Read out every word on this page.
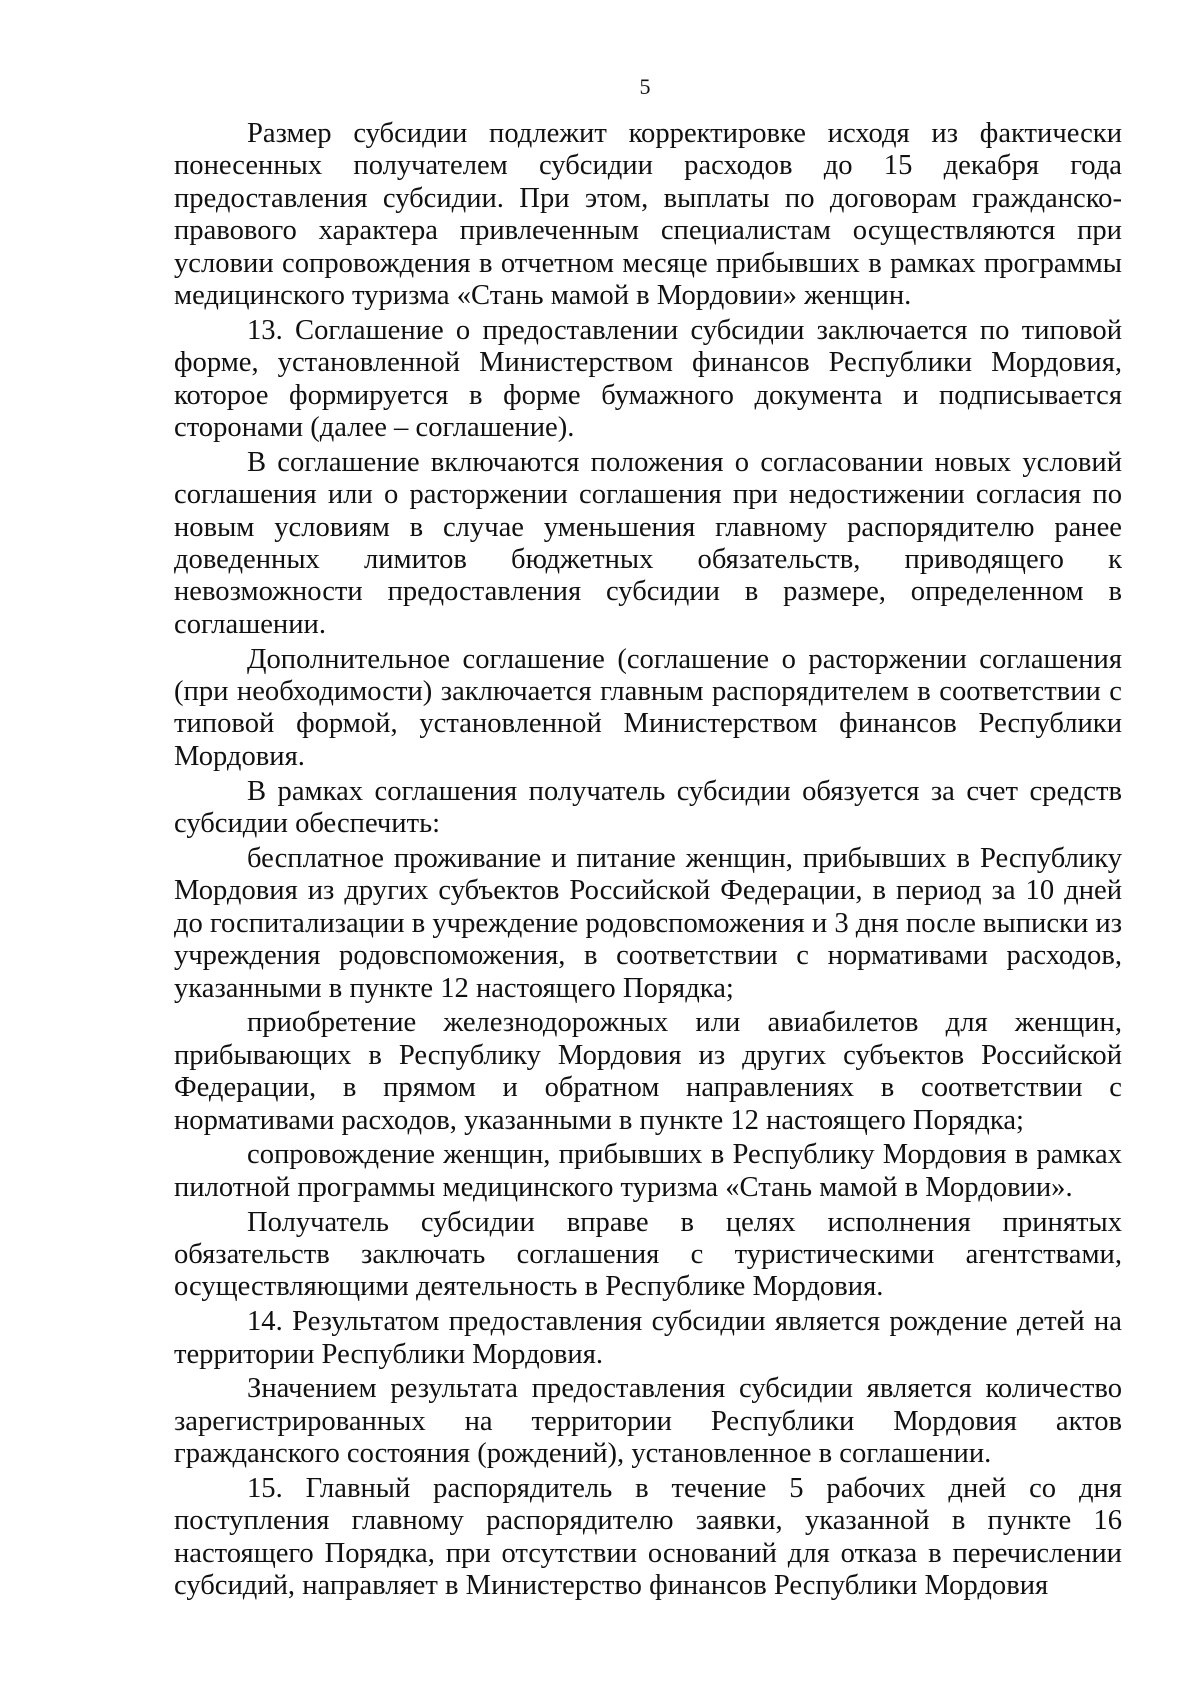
5

Размер субсидии подлежит корректировке исходя из фактически понесенных получателем субсидии расходов до 15 декабря года предоставления субсидии. При этом, выплаты по договорам гражданско-правового характера привлеченным специалистам осуществляются при условии сопровождения в отчетном месяце прибывших в рамках программы медицинского туризма «Стань мамой в Мордовии» женщин.

13. Соглашение о предоставлении субсидии заключается по типовой форме, установленной Министерством финансов Республики Мордовия, которое формируется в форме бумажного документа и подписывается сторонами (далее – соглашение).

В соглашение включаются положения о согласовании новых условий соглашения или о расторжении соглашения при недостижении согласия по новым условиям в случае уменьшения главному распорядителю ранее доведенных лимитов бюджетных обязательств, приводящего к невозможности предоставления субсидии в размере, определенном в соглашении.

Дополнительное соглашение (соглашение о расторжении соглашения (при необходимости) заключается главным распорядителем в соответствии с типовой формой, установленной Министерством финансов Республики Мордовия.

В рамках соглашения получатель субсидии обязуется за счет средств субсидии обеспечить:

бесплатное проживание и питание женщин, прибывших в Республику Мордовия из других субъектов Российской Федерации, в период за 10 дней до госпитализации в учреждение родовспоможения и 3 дня после выписки из учреждения родовспоможения, в соответствии с нормативами расходов, указанными в пункте 12 настоящего Порядка;

приобретение железнодорожных или авиабилетов для женщин, прибывающих в Республику Мордовия из других субъектов Российской Федерации, в прямом и обратном направлениях в соответствии с нормативами расходов, указанными в пункте 12 настоящего Порядка;

сопровождение женщин, прибывших в Республику Мордовия в рамках пилотной программы медицинского туризма «Стань мамой в Мордовии».

Получатель субсидии вправе в целях исполнения принятых обязательств заключать соглашения с туристическими агентствами, осуществляющими деятельность в Республике Мордовия.

14. Результатом предоставления субсидии является рождение детей на территории Республики Мордовия.

Значением результата предоставления субсидии является количество зарегистрированных на территории Республики Мордовия актов гражданского состояния (рождений), установленное в соглашении.

15. Главный распорядитель в течение 5 рабочих дней со дня поступления главному распорядителю заявки, указанной в пункте 16 настоящего Порядка, при отсутствии оснований для отказа в перечислении субсидий, направляет в Министерство финансов Республики Мордовия
